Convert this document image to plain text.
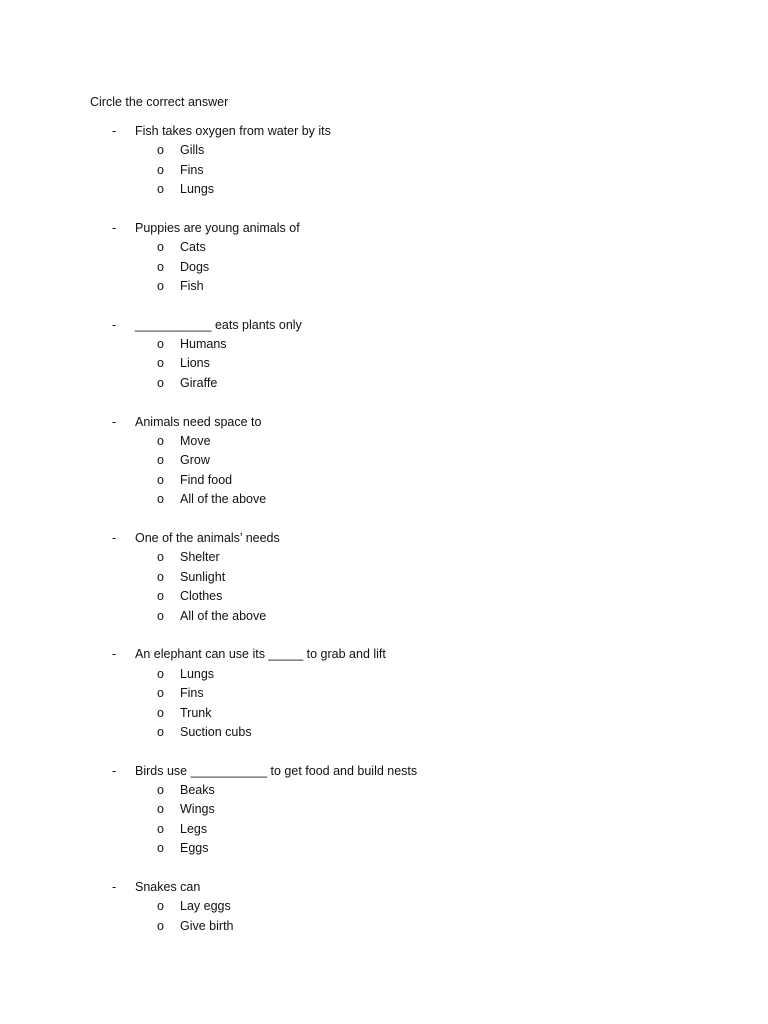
Circle the correct answer
- Fish takes oxygen from water by its
o Gills
o Fins
o Lungs
- Puppies are young animals of
o Cats
o Dogs
o Fish
- ___________ eats plants only
o Humans
o Lions
o Giraffe
- Animals need space to
o Move
o Grow
o Find food
o All of the above
- One of the animals’ needs
o Shelter
o Sunlight
o Clothes
o All of the above
- An elephant can use its _____ to grab and lift
o Lungs
o Fins
o Trunk
o Suction cubs
- Birds use ___________ to get food and build nests
o Beaks
o Wings
o Legs
o Eggs
- Snakes can
o Lay eggs
o Give birth
